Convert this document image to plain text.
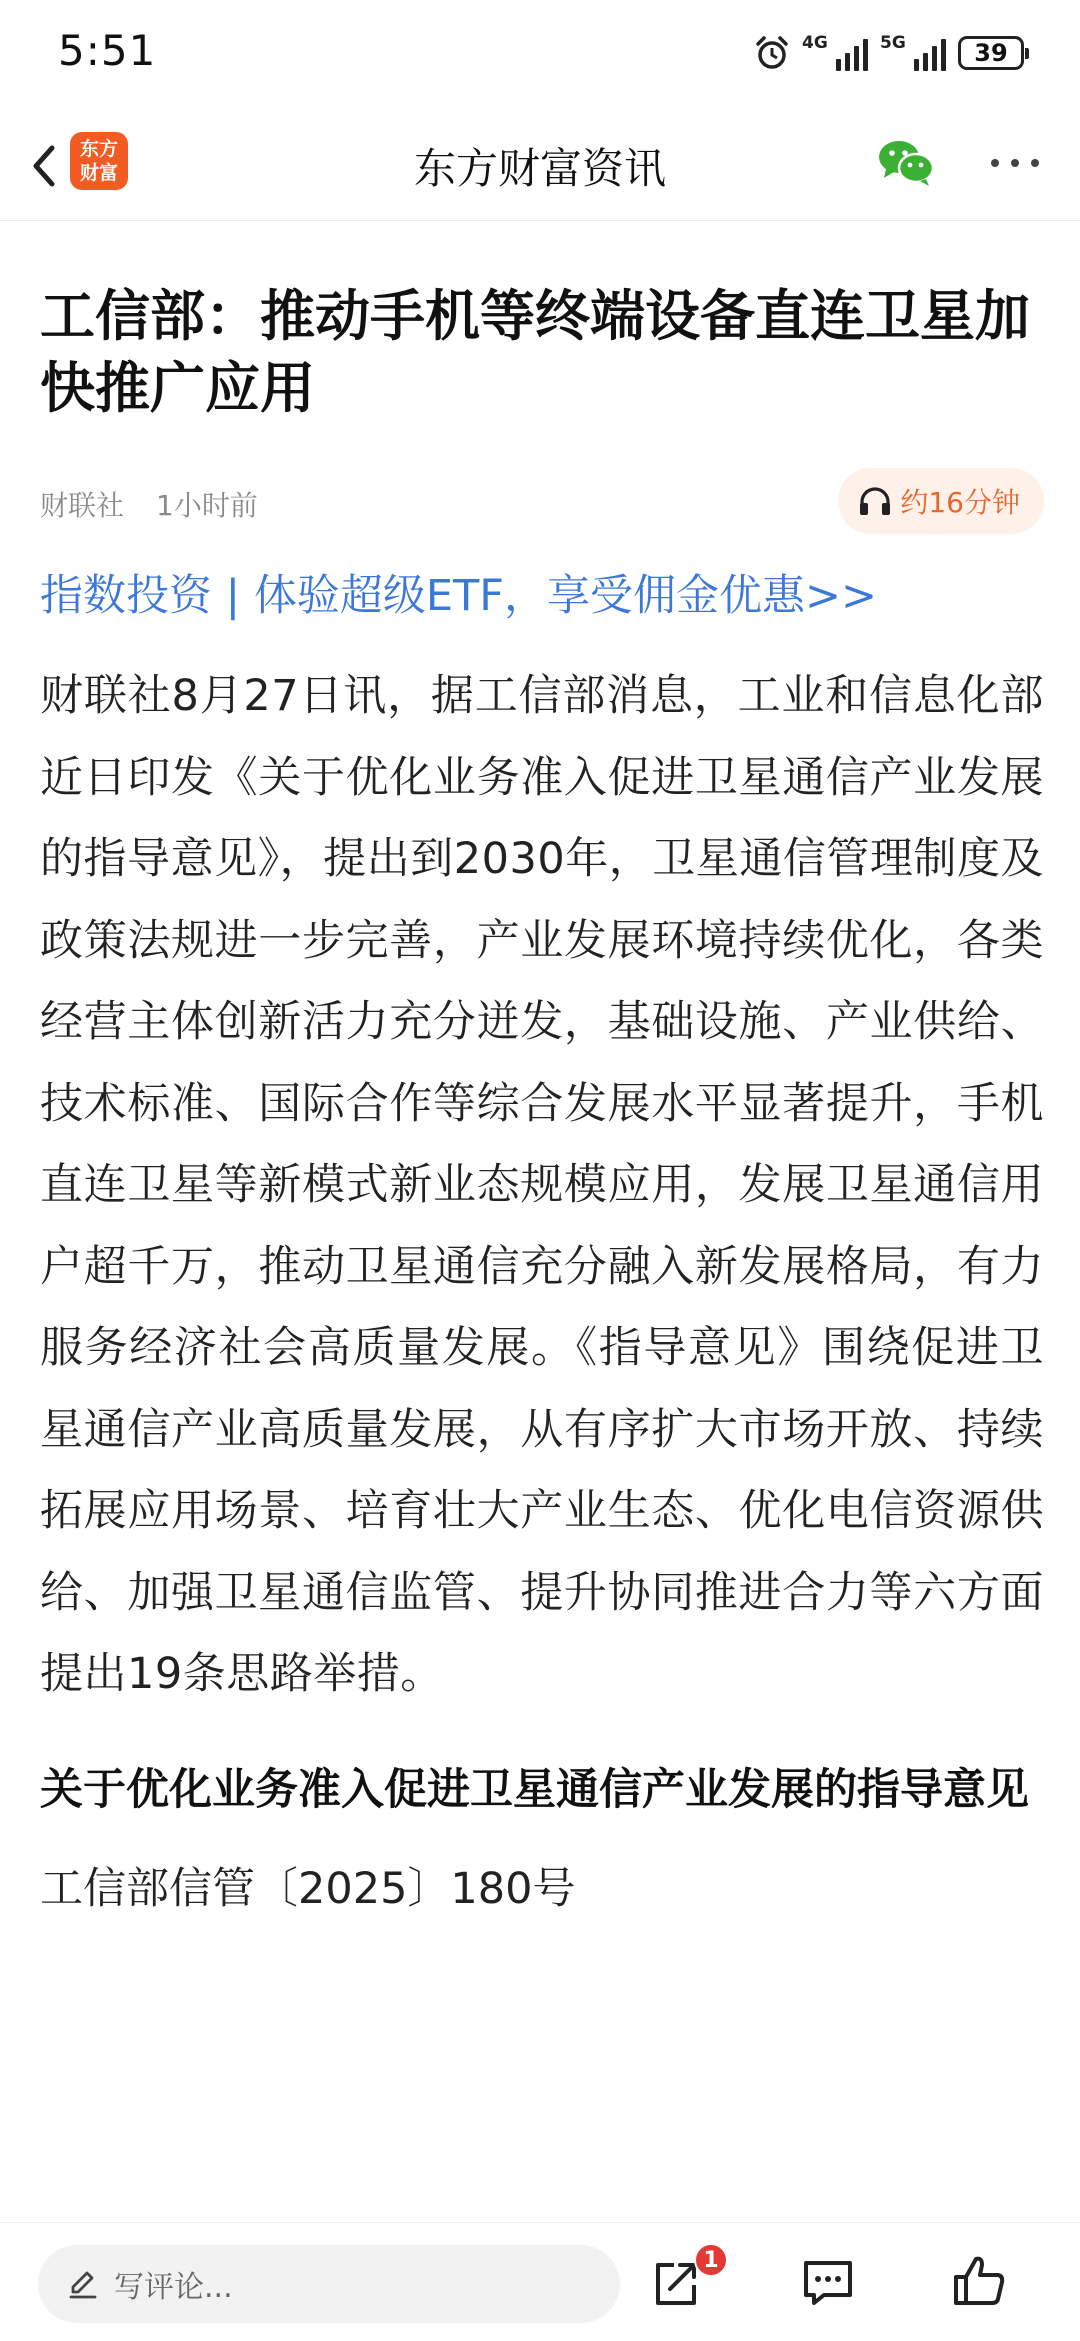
5:51	4G	5G	39
东方
财富	东方财富资讯
工信部：推动手机等终端设备直连卫星加快推广应用
财联社 1小时前	约16分钟
指数投资 | 体验超级ETF，享受佣金优惠>>
财联社8月27日讯，据工信部消息，工业和信息化部近日印发《关于优化业务准入促进卫星通信产业发展的指导意见》，提出到2030年，卫星通信管理制度及政策法规进一步完善，产业发展环境持续优化，各类经营主体创新活力充分迸发，基础设施、产业供给、技术标准、国际合作等综合发展水平显著提升，手机直连卫星等新模式新业态规模应用，发展卫星通信用户超千万，推动卫星通信充分融入新发展格局，有力服务经济社会高质量发展。《指导意见》围绕促进卫星通信产业高质量发展，从有序扩大市场开放、持续拓展应用场景、培育壮大产业生态、优化电信资源供给、加强卫星通信监管、提升协同推进合力等六方面提出19条思路举措。
关于优化业务准入促进卫星通信产业发展的指导意见
工信部信管〔2025〕180号
写评论...
1
